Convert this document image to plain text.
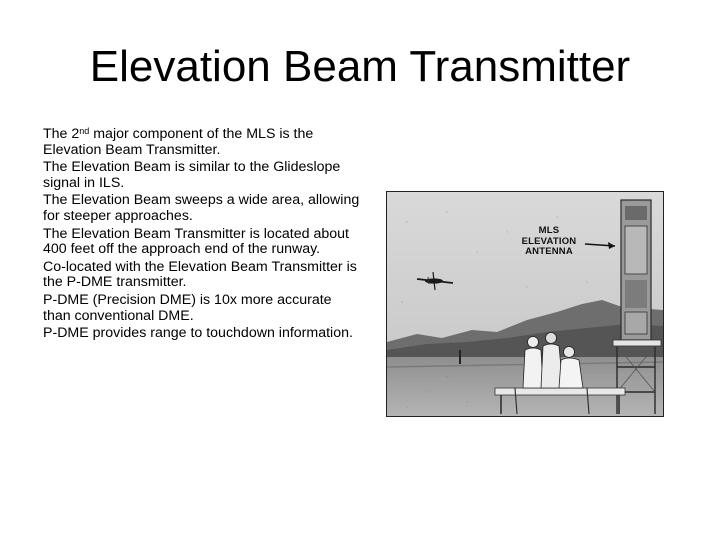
Elevation Beam Transmitter
The 2nd major component of the MLS is the Elevation Beam Transmitter.
The Elevation Beam is similar to the Glideslope signal in ILS.
The Elevation Beam sweeps a wide area, allowing for steeper approaches.
The Elevation Beam Transmitter is located about 400 feet off the approach end of the runway.
Co-located with the Elevation Beam Transmitter is the P-DME transmitter.
P-DME (Precision DME) is 10x more accurate than conventional DME.
P-DME provides range to touchdown information.
MLS
ELEVATION
ANTENNA
